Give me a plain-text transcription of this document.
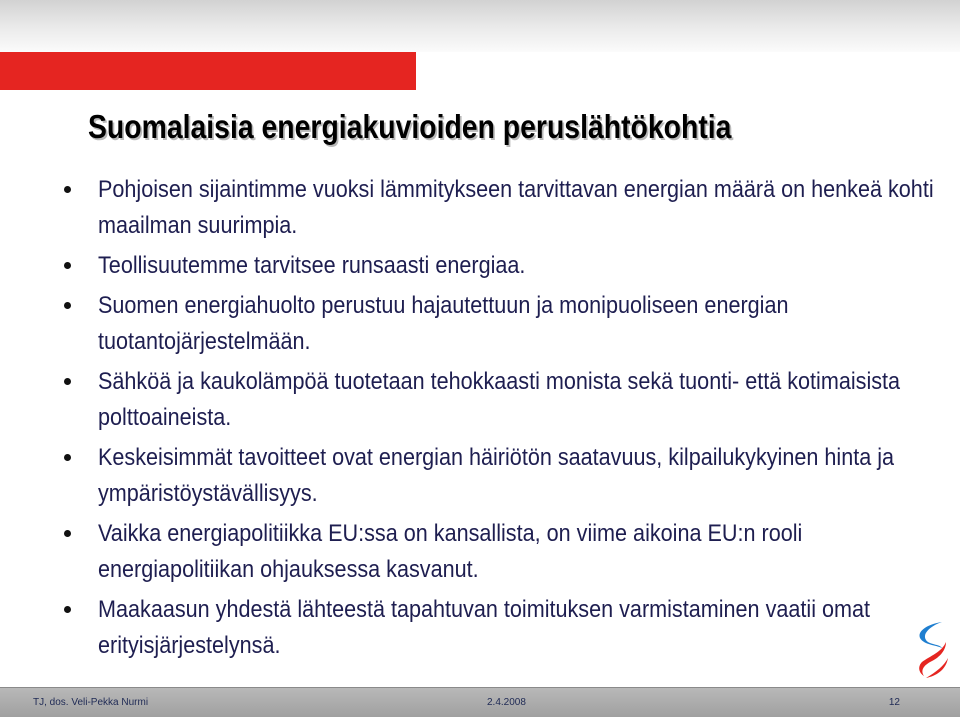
Suomalaisia energiakuvioiden peruslähtökohtia
Pohjoisen sijaintimme vuoksi lämmitykseen tarvittavan energian määrä on henkeä kohti maailman suurimpia.
Teollisuutemme tarvitsee runsaasti energiaa.
Suomen energiahuolto perustuu hajautettuun ja monipuoliseen energian tuotantojärjestelmään.
Sähköä ja kaukolämpöä tuotetaan tehokkaasti monista sekä tuonti- että kotimaisista polttoaineista.
Keskeisimmät tavoitteet ovat energian häiriötön saatavuus, kilpailukykyinen hinta ja ympäristöystävällisyys.
Vaikka energiapolitiikka EU:ssa on kansallista, on viime aikoina EU:n rooli energiapolitiikan ohjauksessa kasvanut.
Maakaasun yhdestä lähteestä tapahtuvan toimituksen varmistaminen vaatii omat erityisjärjestelynsä.
TJ, dos. Veli-Pekka Nurmi	2.4.2008	12
